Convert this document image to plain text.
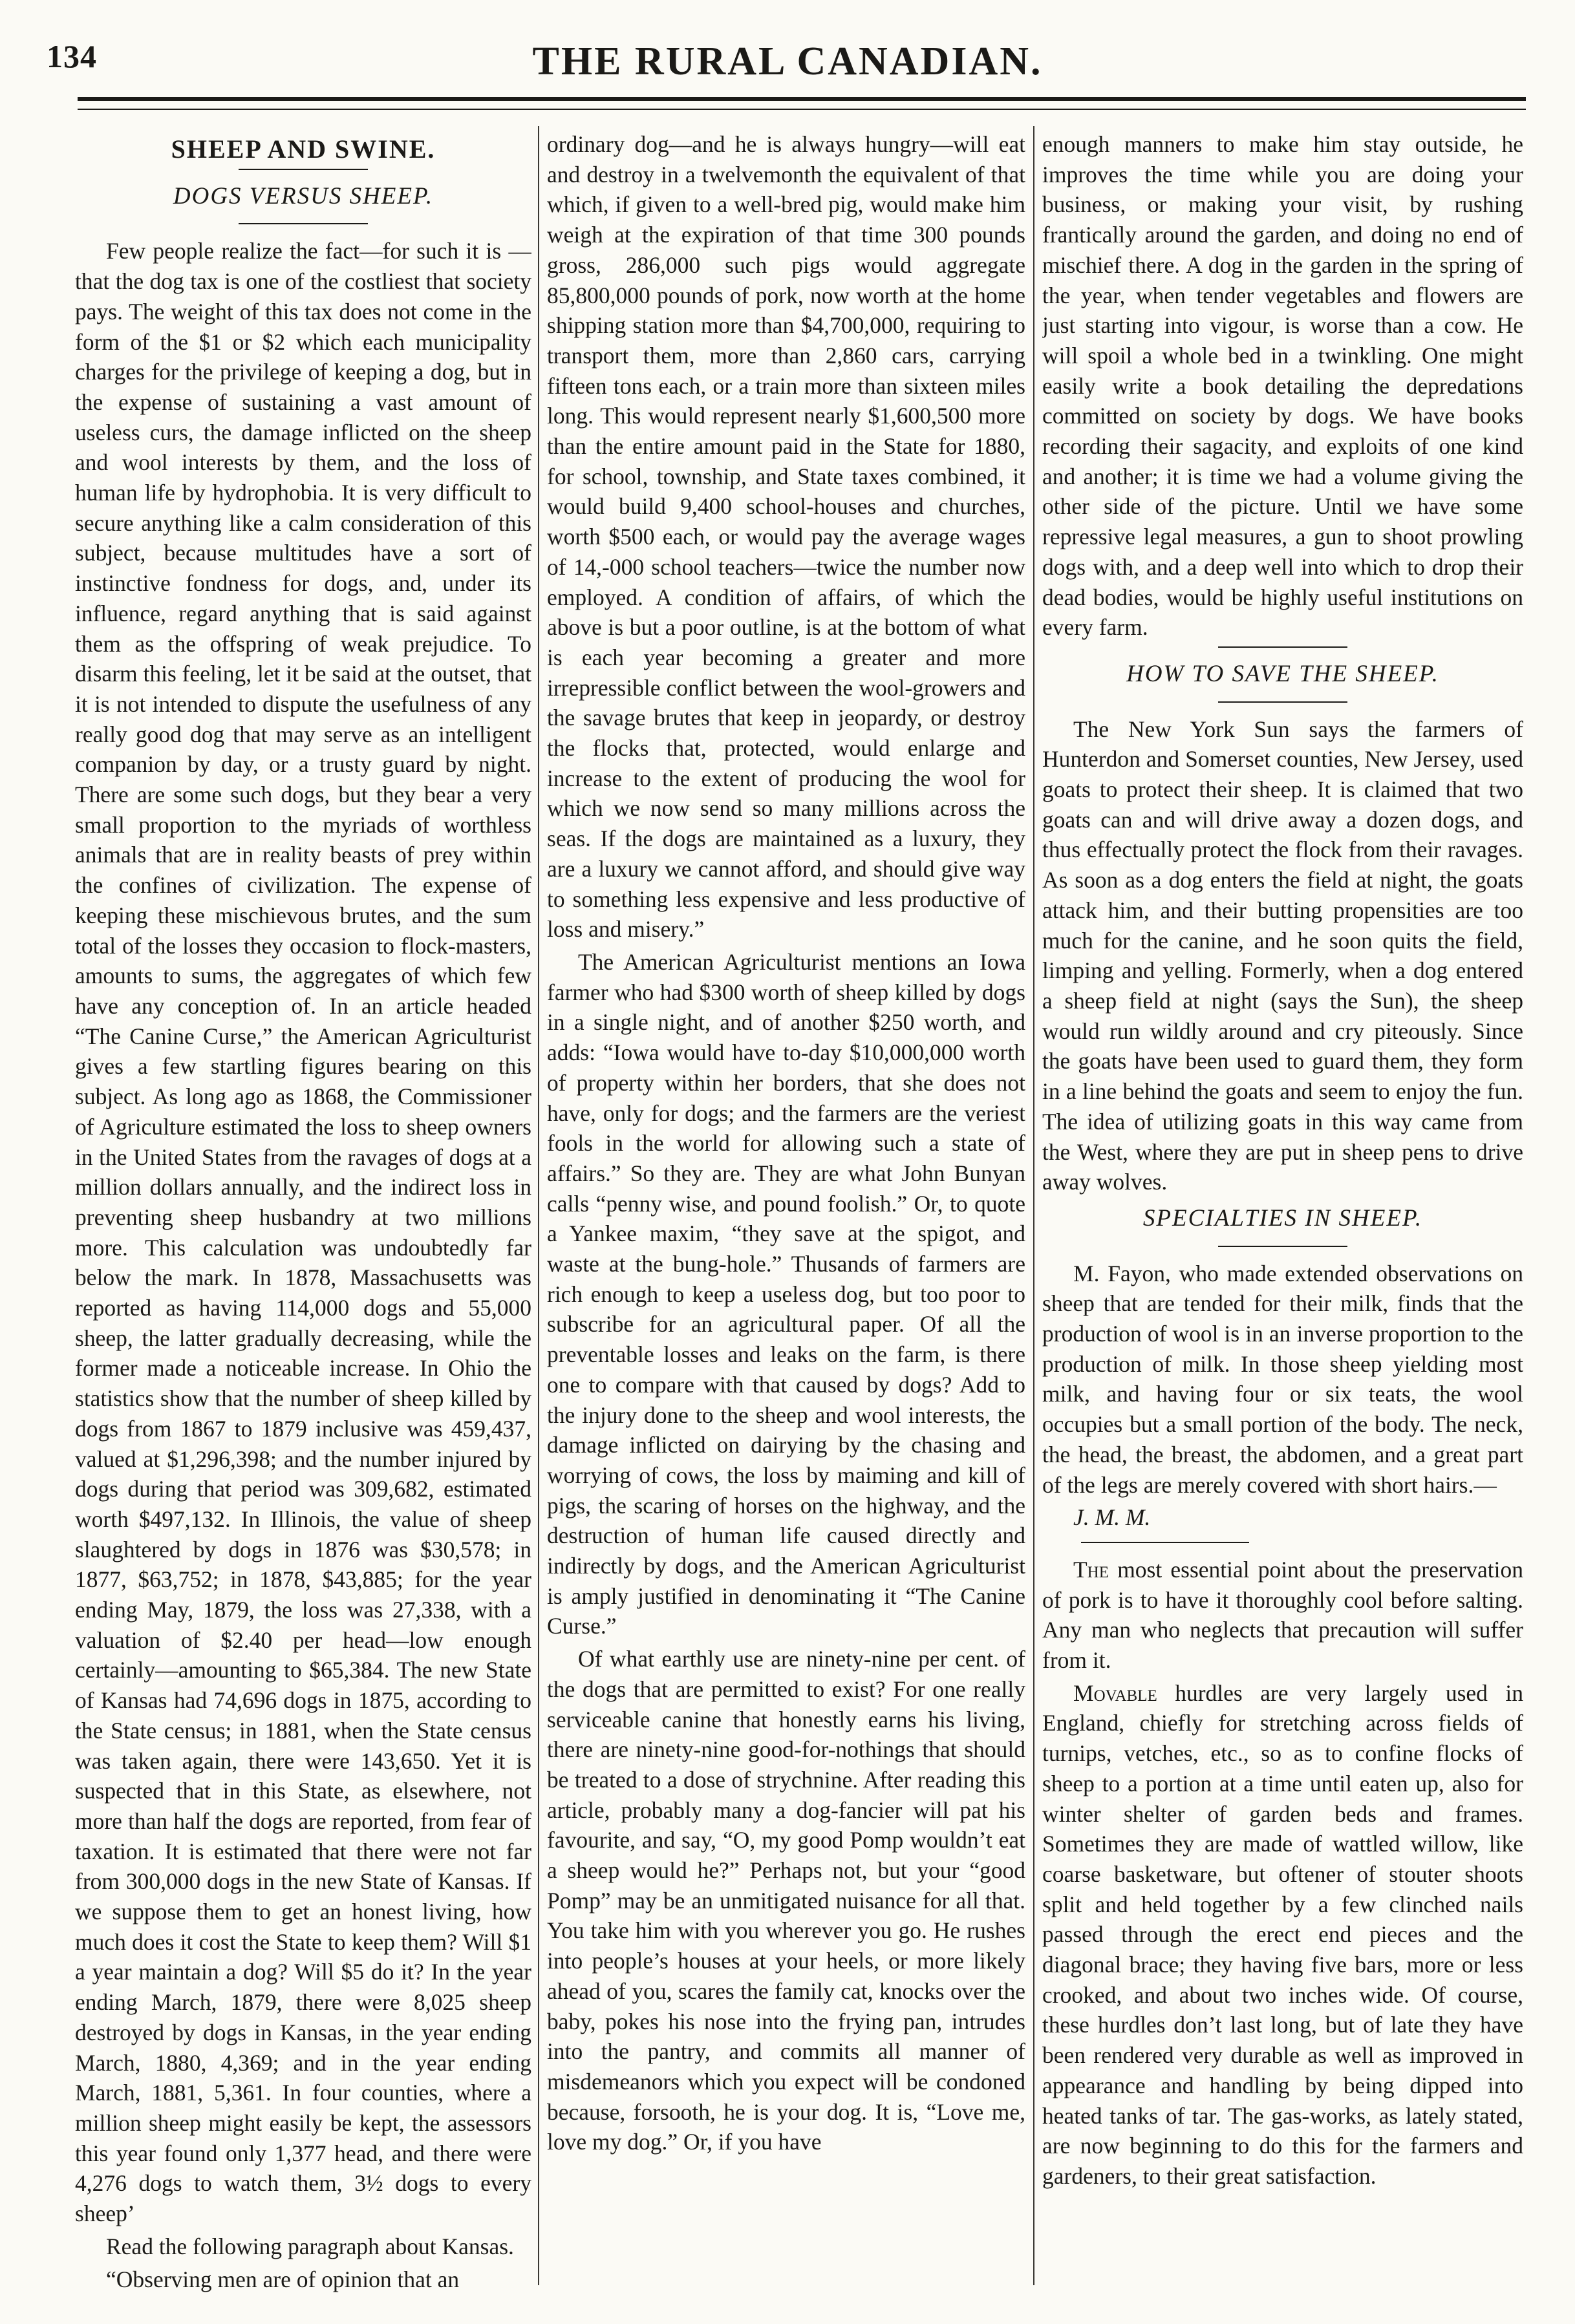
134	THE RURAL CANADIAN.
SHEEP AND SWINE.
DOGS VERSUS SHEEP.

Few people realize the fact—for such it is —that the dog tax is one of the costliest that society pays. The weight of this tax does not come in the form of the $1 or $2 which each municipality charges for the privilege of keeping a dog, but in the expense of sustaining a vast amount of useless curs, the damage inflicted on the sheep and wool interests by them, and the loss of human life by hydrophobia. It is very difficult to secure anything like a calm consideration of this subject, because multitudes have a sort of instinctive fondness for dogs, and, under its influence, regard anything that is said against them as the offspring of weak prejudice. To disarm this feeling, let it be said at the outset, that it is not intended to dispute the usefulness of any really good dog that may serve as an intelligent companion by day, or a trusty guard by night. There are some such dogs, but they bear a very small proportion to the myriads of worthless animals that are in reality beasts of prey within the confines of civilization. The expense of keeping these mischievous brutes, and the sum total of the losses they occasion to flock-masters, amounts to sums, the aggregates of which few have any conception of. In an article headed “The Canine Curse,” the American Agriculturist gives a few startling figures bearing on this subject. As long ago as 1868, the Commissioner of Agriculture estimated the loss to sheep owners in the United States from the ravages of dogs at a million dollars annually, and the indirect loss in preventing sheep husbandry at two millions more. This calculation was undoubtedly far below the mark. In 1878, Massachusetts was reported as having 114,000 dogs and 55,000 sheep, the latter gradually decreasing, while the former made a noticeable increase. In Ohio the statistics show that the number of sheep killed by dogs from 1867 to 1879 inclusive was 459,437, valued at $1,296,398; and the number injured by dogs during that period was 309,682, estimated worth $497,132. In Illinois, the value of sheep slaughtered by dogs in 1876 was $30,578; in 1877, $63,752; in 1878, $43,885; for the year ending May, 1879, the loss was 27,338, with a valuation of $2.40 per head—low enough certainly—amounting to $65,384. The new State of Kansas had 74,696 dogs in 1875, according to the State census; in 1881, when the State census was taken again, there were 143,650. Yet it is suspected that in this State, as elsewhere, not more than half the dogs are reported, from fear of taxation. It is estimated that there were not far from 300,000 dogs in the new State of Kansas. If we suppose them to get an honest living, how much does it cost the State to keep them? Will $1 a year maintain a dog? Will $5 do it? In the year ending March, 1879, there were 8,025 sheep destroyed by dogs in Kansas, in the year ending March, 1880, 4,369; and in the year ending March, 1881, 5,361. In four counties, where a million sheep might easily be kept, the assessors this year found only 1,377 head, and there were 4,276 dogs to watch them, 3½ dogs to every sheep’

Read the following paragraph about Kansas.

“Observing men are of opinion that an

ordinary dog—and he is always hungry—will eat and destroy in a twelvemonth the equivalent of that which, if given to a well-bred pig, would make him weigh at the expiration of that time 300 pounds gross, 286,000 such pigs would aggregate 85,800,000 pounds of pork, now worth at the home shipping station more than $4,700,000, requiring to transport them, more than 2,860 cars, carrying fifteen tons each, or a train more than sixteen miles long. This would represent nearly $1,600,500 more than the entire amount paid in the State for 1880, for school, township, and State taxes combined, it would build 9,400 school-houses and churches, worth $500 each, or would pay the average wages of 14,-000 school teachers—twice the number now employed. A condition of affairs, of which the above is but a poor outline, is at the bottom of what is each year becoming a greater and more irrepressible conflict between the wool-growers and the savage brutes that keep in jeopardy, or destroy the flocks that, protected, would enlarge and increase to the extent of producing the wool for which we now send so many millions across the seas. If the dogs are maintained as a luxury, they are a luxury we cannot afford, and should give way to something less expensive and less productive of loss and misery.”

The American Agriculturist mentions an Iowa farmer who had $300 worth of sheep killed by dogs in a single night, and of another $250 worth, and adds: “Iowa would have to-day $10,000,000 worth of property within her borders, that she does not have, only for dogs; and the farmers are the veriest fools in the world for allowing such a state of affairs.” So they are. They are what John Bunyan calls “penny wise, and pound foolish.” Or, to quote a Yankee maxim, “they save at the spigot, and waste at the bung-hole.” Thusands of farmers are rich enough to keep a useless dog, but too poor to subscribe for an agricultural paper. Of all the preventable losses and leaks on the farm, is there one to compare with that caused by dogs? Add to the injury done to the sheep and wool interests, the damage inflicted on dairying by the chasing and worrying of cows, the loss by maiming and kill of pigs, the scaring of horses on the highway, and the destruction of human life caused directly and indirectly by dogs, and the American Agriculturist is amply justified in denominating it “The Canine Curse.”

Of what earthly use are ninety-nine per cent. of the dogs that are permitted to exist? For one really serviceable canine that honestly earns his living, there are ninety-nine good-for-nothings that should be treated to a dose of strychnine. After reading this article, probably many a dog-fancier will pat his favourite, and say, “O, my good Pomp wouldn’t eat a sheep would he?” Perhaps not, but your “good Pomp” may be an unmitigated nuisance for all that. You take him with you wherever you go. He rushes into people’s houses at your heels, or more likely ahead of you, scares the family cat, knocks over the baby, pokes his nose into the frying pan, intrudes into the pantry, and commits all manner of misdemeanors which you expect will be condoned because, forsooth, he is your dog. It is, “Love me, love my dog.” Or, if you have

enough manners to make him stay outside, he improves the time while you are doing your business, or making your visit, by rushing frantically around the garden, and doing no end of mischief there. A dog in the garden in the spring of the year, when tender vegetables and flowers are just starting into vigour, is worse than a cow. He will spoil a whole bed in a twinkling. One might easily write a book detailing the depredations committed on society by dogs. We have books recording their sagacity, and exploits of one kind and another; it is time we had a volume giving the other side of the picture. Until we have some repressive legal measures, a gun to shoot prowling dogs with, and a deep well into which to drop their dead bodies, would be highly useful institutions on every farm.

HOW TO SAVE THE SHEEP.

The New York Sun says the farmers of Hunterdon and Somerset counties, New Jersey, used goats to protect their sheep. It is claimed that two goats can and will drive away a dozen dogs, and thus effectually protect the flock from their ravages. As soon as a dog enters the field at night, the goats attack him, and their butting propensities are too much for the canine, and he soon quits the field, limping and yelling. Formerly, when a dog entered a sheep field at night (says the Sun), the sheep would run wildly around and cry piteously. Since the goats have been used to guard them, they form in a line behind the goats and seem to enjoy the fun. The idea of utilizing goats in this way came from the West, where they are put in sheep pens to drive away wolves.

SPECIALTIES IN SHEEP.

M. Fayon, who made extended observations on sheep that are tended for their milk, finds that the production of wool is in an inverse proportion to the production of milk. In those sheep yielding most milk, and having four or six teats, the wool occupies but a small portion of the body. The neck, the head, the breast, the abdomen, and a great part of the legs are merely covered with short hairs.—

J. M. M.

The most essential point about the preservation of pork is to have it thoroughly cool before salting. Any man who neglects that precaution will suffer from it.

Movable hurdles are very largely used in England, chiefly for stretching across fields of turnips, vetches, etc., so as to confine flocks of sheep to a portion at a time until eaten up, also for winter shelter of garden beds and frames. Sometimes they are made of wattled willow, like coarse basketware, but oftener of stouter shoots split and held together by a few clinched nails passed through the erect end pieces and the diagonal brace; they having five bars, more or less crooked, and about two inches wide. Of course, these hurdles don’t last long, but of late they have been rendered very durable as well as improved in appearance and handling by being dipped into heated tanks of tar. The gas-works, as lately stated, are now beginning to do this for the farmers and gardeners, to their great satisfaction.
